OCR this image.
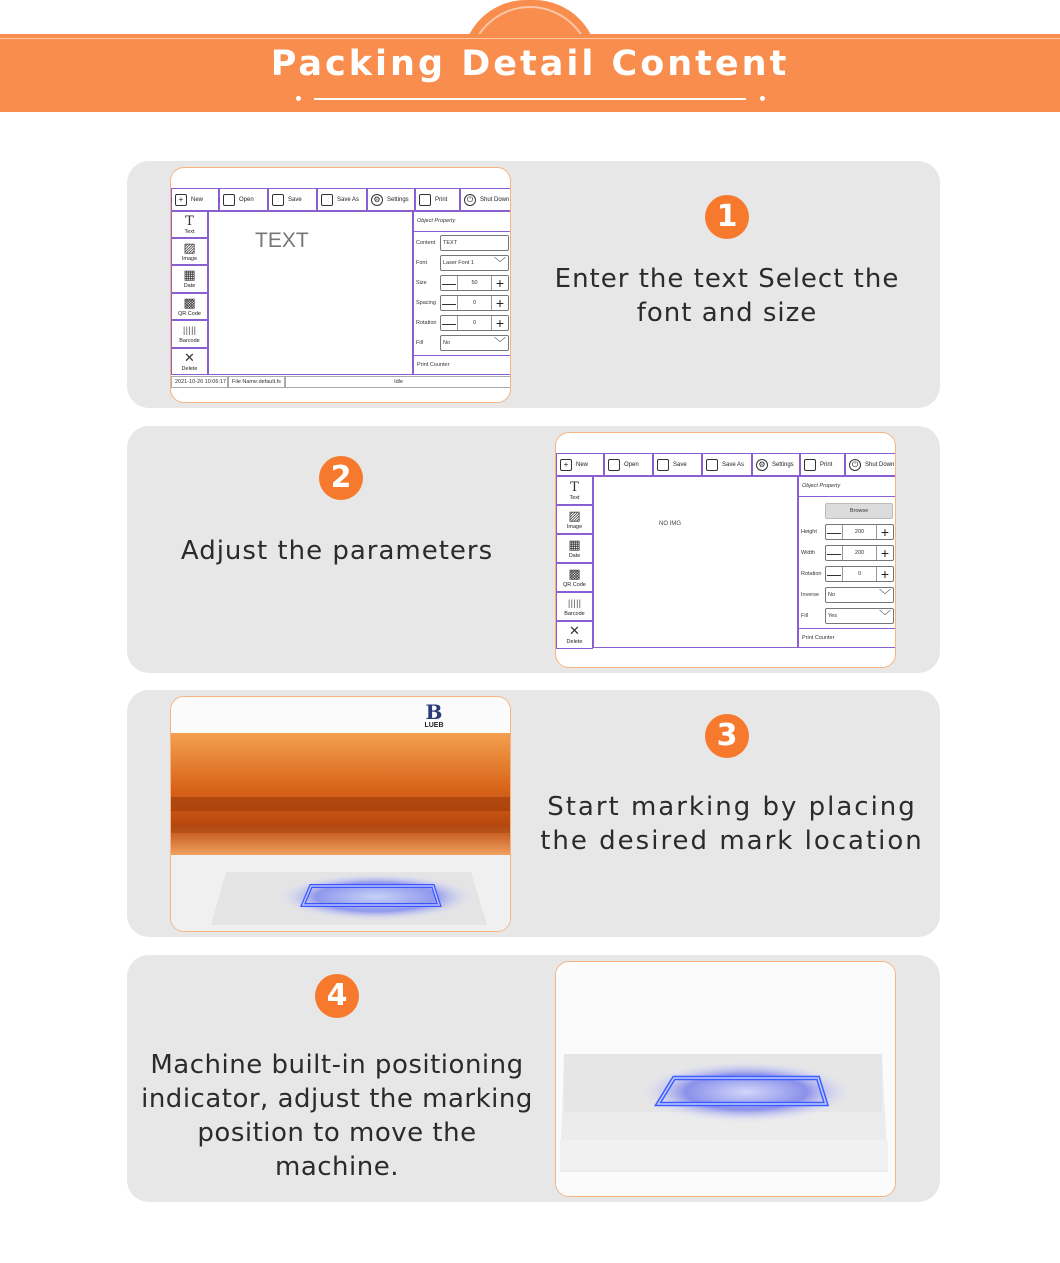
Packing Detail Content
+	New	Open	Save	Save As	⚙	Settings	Print	⏻	Shut Down
T
Text
▨
Image
▦
Date
▩
QR Code
|||||
Barcode
✕
Delete
TEXT
Object Property
Content	TEXT
Font	Laser Font 1 ﹀
Size	—	50	+
Spacing —	0	+
Rotation —	0	+
Fill	No	﹀
Print Counter
2021-10-26 10:06:17	File Name:default.fs	Idle
1
Enter the text Select the
font and size
2
Adjust the parameters
+	New	Open	Save	Save As	⚙	Settings	Print	⏻	Shut Down
T
Text
▨
Image
▦
Date
▩
QR Code
|||||
Barcode
✕
Delete
NO IMG
Object Property
Browse
Height —	200	+
Width —	200	+
Rotation —	0	+
Inverse	No	﹀
Fill	Yes	﹀
Print Counter
B
LUEB	3
Start marking by placing
the desired mark location
4
Machine built-in positioning
indicator, adjust the marking
position to move the machine.
